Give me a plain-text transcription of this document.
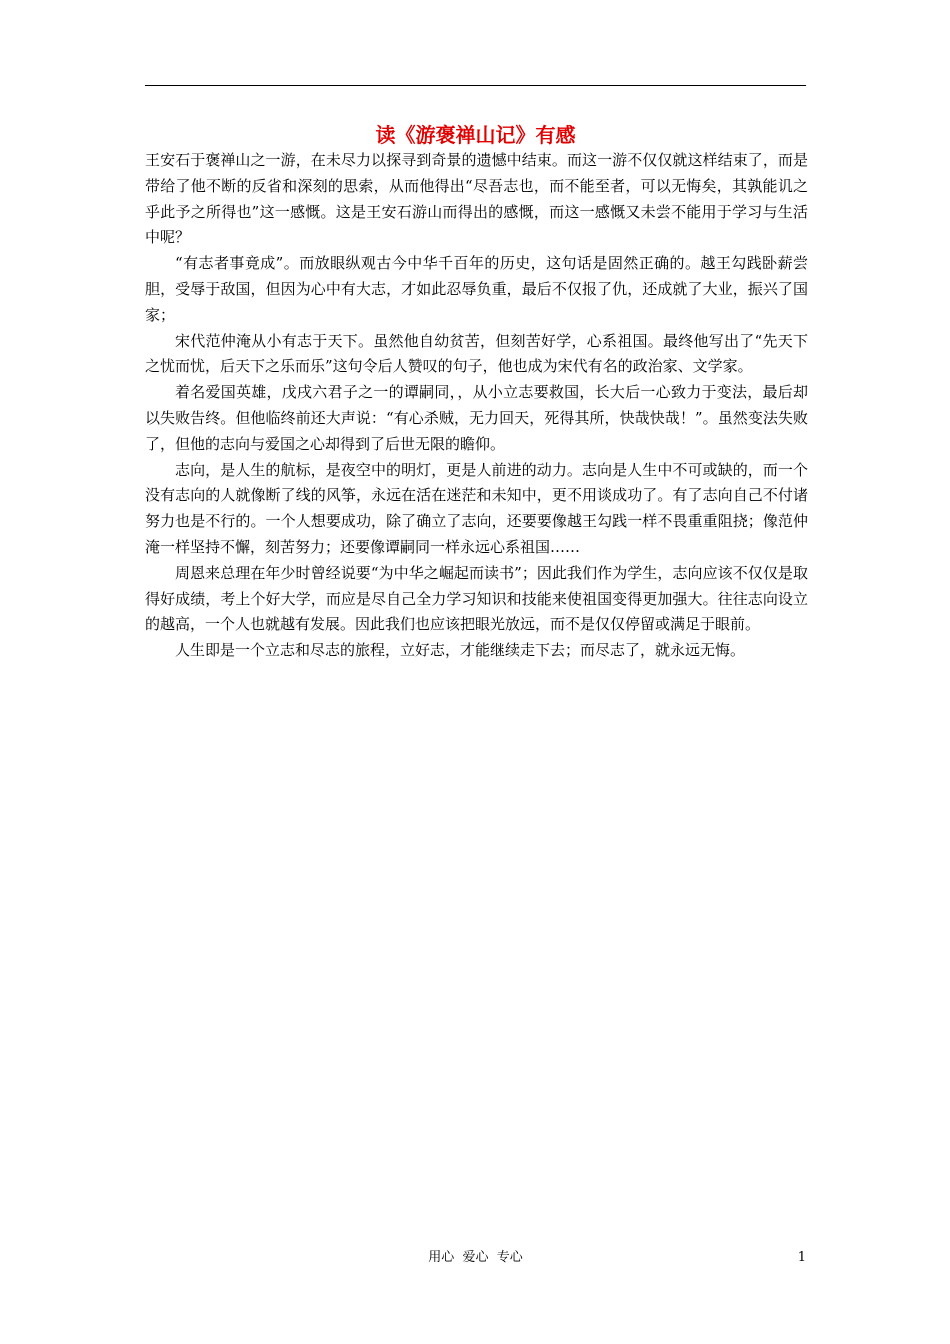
读《游褒禅山记》有感

王安石于褒禅山之一游，在未尽力以探寻到奇景的遗憾中结束。而这一游不仅仅就这样结束了，而是带给了他不断的反省和深刻的思索，从而他得出“尽吾志也，而不能至者，可以无悔矣，其孰能讥之乎此予之所得也”这一感慨。这是王安石游山而得出的感慨，而这一感慨又未尝不能用于学习与生活中呢？

“有志者事竟成”。而放眼纵观古今中华千百年的历史，这句话是固然正确的。越王勾践卧薪尝胆，受辱于敌国，但因为心中有大志，才如此忍辱负重，最后不仅报了仇，还成就了大业，振兴了国家；

宋代范仲淹从小有志于天下。虽然他自幼贫苦，但刻苦好学，心系祖国。最终他写出了“先天下之忧而忧，后天下之乐而乐”这句令后人赞叹的句子，他也成为宋代有名的政治家、文学家。

着名爱国英雄，戊戌六君子之一的谭嗣同，，从小立志要救国，长大后一心致力于变法，最后却以失败告终。但他临终前还大声说：“有心杀贼，无力回天，死得其所，快哉快哉！”。虽然变法失败了，但他的志向与爱国之心却得到了后世无限的瞻仰。

志向，是人生的航标，是夜空中的明灯，更是人前进的动力。志向是人生中不可或缺的，而一个没有志向的人就像断了线的风筝，永远在活在迷茫和未知中，更不用谈成功了。有了志向自己不付诸努力也是不行的。一个人想要成功，除了确立了志向，还要要像越王勾践一样不畏重重阻挠；像范仲淹一样坚持不懈，刻苦努力；还要像谭嗣同一样永远心系祖国……

周恩来总理在年少时曾经说要“为中华之崛起而读书”；因此我们作为学生，志向应该不仅仅是取得好成绩，考上个好大学，而应是尽自己全力学习知识和技能来使祖国变得更加强大。往往志向设立的越高，一个人也就越有发展。因此我们也应该把眼光放远，而不是仅仅停留或满足于眼前。

人生即是一个立志和尽志的旅程，立好志，才能继续走下去；而尽志了，就永远无悔。

用心  爱心  专心	1
